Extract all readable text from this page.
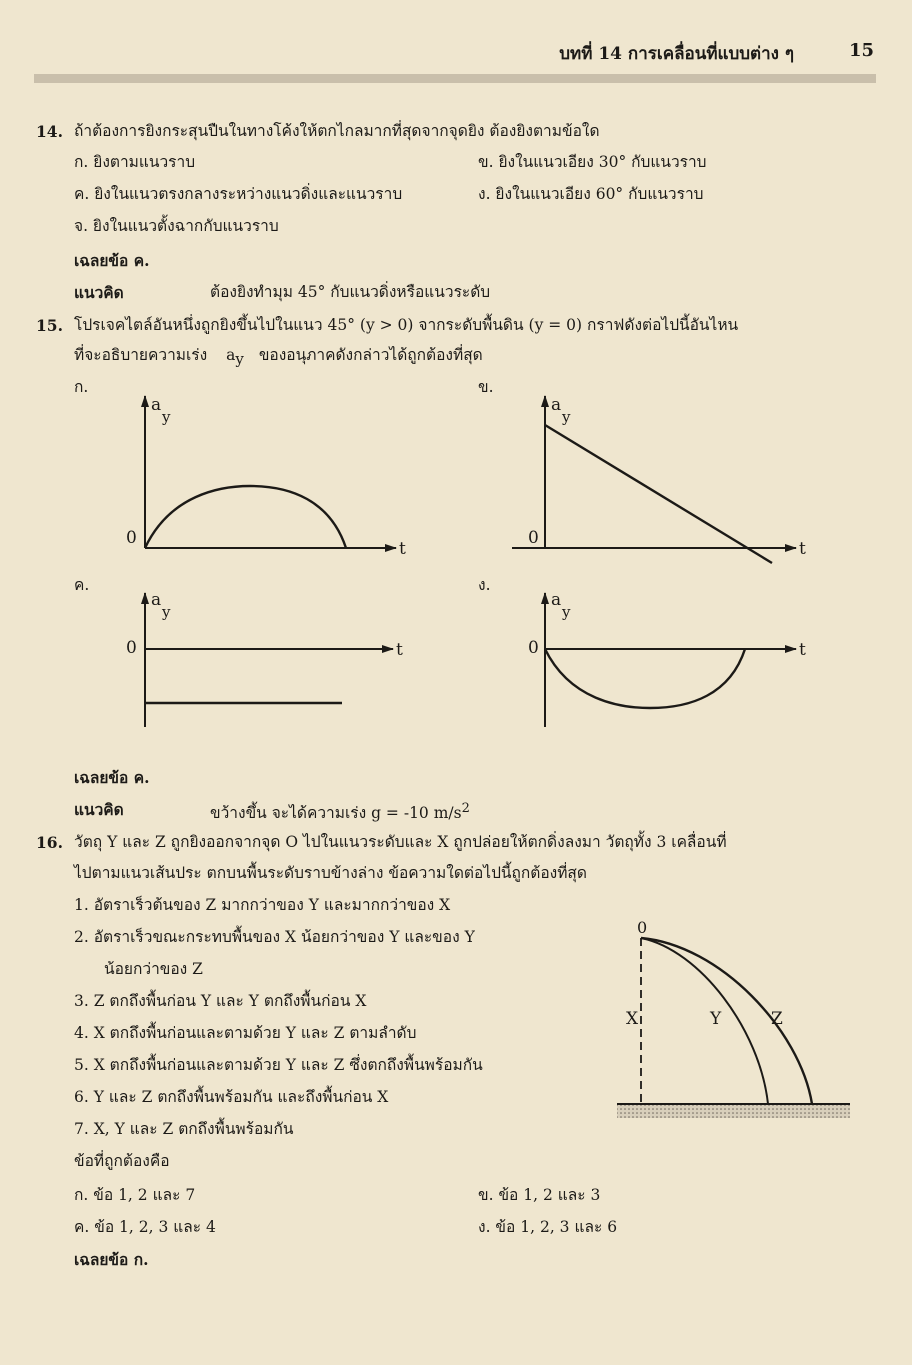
บทที่ 14 การเคลื่อนที่แบบต่าง ๆ	15
14. ถ้าต้องการยิงกระสุนปืนในทางโค้งให้ตกไกลมากที่สุดจากจุดยิง ต้องยิงตามข้อใด
ก. ยิงตามแนวราบ	ข. ยิงในแนวเอียง 30° กับแนวราบ
ค. ยิงในแนวตรงกลางระหว่างแนวดิ่งและแนวราบ	ง. ยิงในแนวเอียง 60° กับแนวราบ
จ. ยิงในแนวตั้งฉากกับแนวราบ
เฉลยข้อ ค.
แนวคิด	ต้องยิงทำมุม 45° กับแนวดิ่งหรือแนวระดับ
15. โปรเจคไตล์อันหนึ่งถูกยิงขึ้นไปในแนว 45° (y > 0) จากระดับพื้นดิน (y = 0) กราฟดังต่อไปนี้อันไหน
ที่จะอธิบายความเร่ง $a_y$ ของอนุภาคดังกล่าวได้ถูกต้องที่สุด
ก.	ข.
ค.	ง.
a
y
0
t
a
y
0
t
a
y
0	t
a
y
0	t
0
X	Y	Z
เฉลยข้อ ค.
แนวคิด	ขว้างขึ้น จะได้ความเร่ง g = -10 $m/s^2$
16. วัตถุ Y และ Z ถูกยิงออกจากจุด O ไปในแนวระดับและ X ถูกปล่อยให้ตกดิ่งลงมา วัตถุทั้ง 3 เคลื่อนที่
ไปตามแนวเส้นประ ตกบนพื้นระดับราบข้างล่าง ข้อความใดต่อไปนี้ถูกต้องที่สุด
1. อัตราเร็วต้นของ Z มากกว่าของ Y และมากกว่าของ X
2. อัตราเร็วขณะกระทบพื้นของ X น้อยกว่าของ Y และของ Y
น้อยกว่าของ Z
3. Z ตกถึงพื้นก่อน Y และ Y ตกถึงพื้นก่อน X
4. X ตกถึงพื้นก่อนและตามด้วย Y และ Z ตามลำดับ
5. X ตกถึงพื้นก่อนและตามด้วย Y และ Z ซึ่งตกถึงพื้นพร้อมกัน
6. Y และ Z ตกถึงพื้นพร้อมกัน และถึงพื้นก่อน X
7. X, Y และ Z ตกถึงพื้นพร้อมกัน
ข้อที่ถูกต้องคือ
ก. ข้อ 1, 2 และ 7	ข. ข้อ 1, 2 และ 3
ค. ข้อ 1, 2, 3 และ 4	ง. ข้อ 1, 2, 3 และ 6
เฉลยข้อ ก.
